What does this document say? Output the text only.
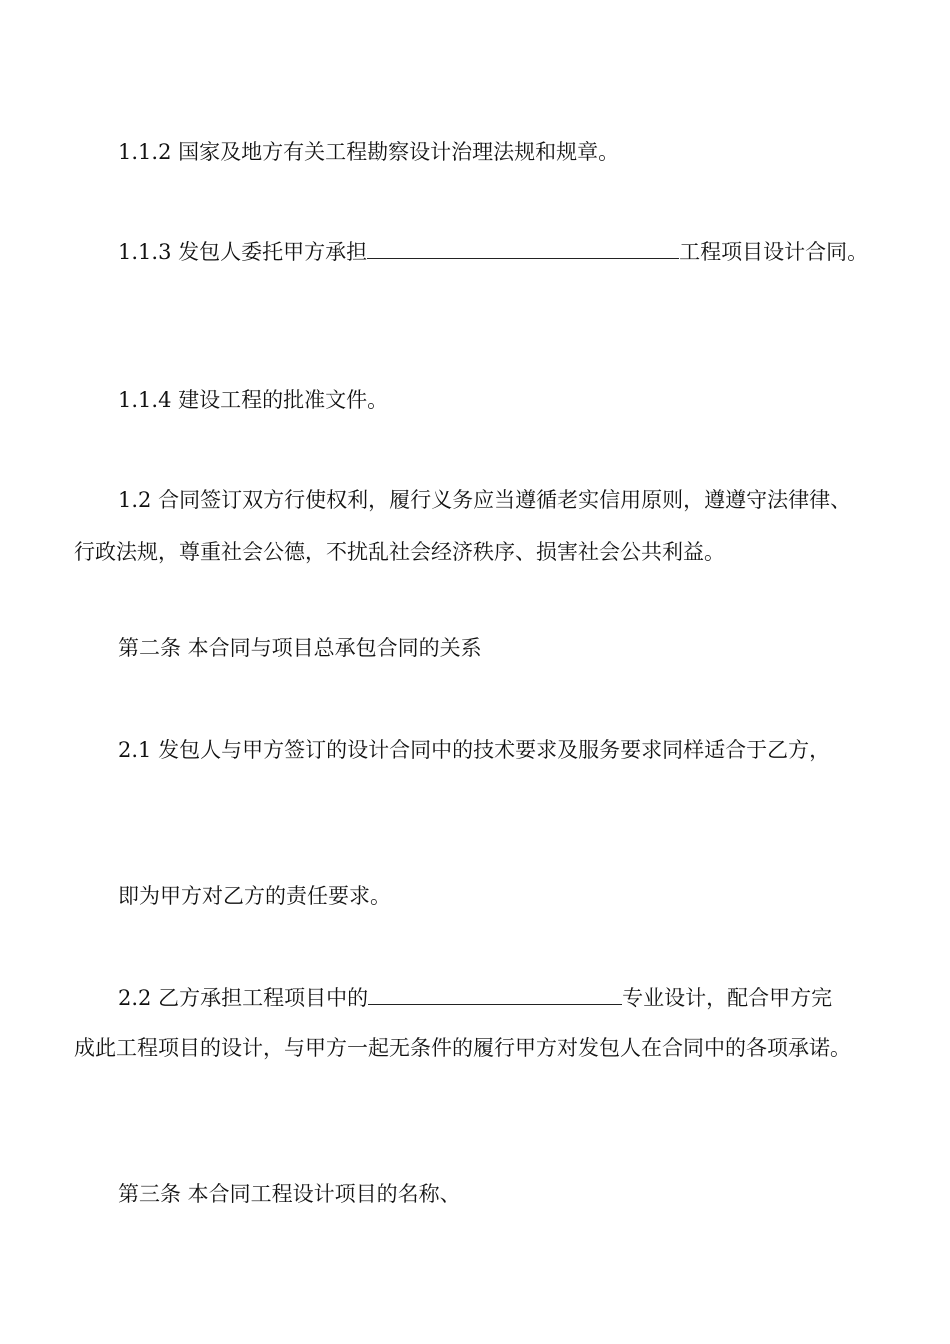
1.1.2 国家及地方有关工程勘察设计治理法规和规章。
1.1.3 发包人委托甲方承担	工程项目设计合同。
1.1.4 建设工程的批准文件。
1.2 合同签订双方行使权利，履行义务应当遵循老实信用原则，遵遵守法律律、
行政法规，尊重社会公德，不扰乱社会经济秩序、损害社会公共利益。
第二条 本合同与项目总承包合同的关系
2.1 发包人与甲方签订的设计合同中的技术要求及服务要求同样适合于乙方，
即为甲方对乙方的责任要求。
2.2 乙方承担工程项目中的	专业设计，配合甲方完
成此工程项目的设计，与甲方一起无条件的履行甲方对发包人在合同中的各项承诺。
第三条 本合同工程设计项目的名称、
